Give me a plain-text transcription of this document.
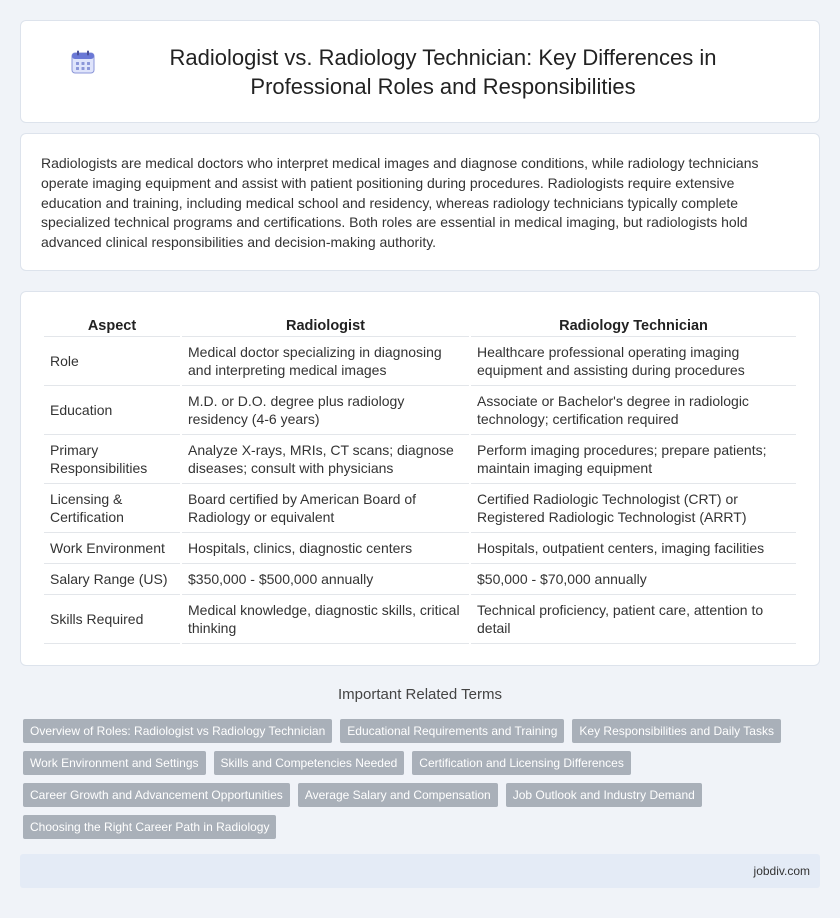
Radiologist vs. Radiology Technician: Key Differences in Professional Roles and Responsibilities

Radiologists are medical doctors who interpret medical images and diagnose conditions, while radiology technicians operate imaging equipment and assist with patient positioning during procedures. Radiologists require extensive education and training, including medical school and residency, whereas radiology technicians typically complete specialized technical programs and certifications. Both roles are essential in medical imaging, but radiologists hold advanced clinical responsibilities and decision-making authority.

Aspect	Radiologist	Radiology Technician
Role	Medical doctor specializing in diagnosing and interpreting medical images	Healthcare professional operating imaging equipment and assisting during procedures
Education	M.D. or D.O. degree plus radiology residency (4-6 years)	Associate or Bachelor's degree in radiologic technology; certification required
Primary Responsibilities	Analyze X-rays, MRIs, CT scans; diagnose diseases; consult with physicians	Perform imaging procedures; prepare patients; maintain imaging equipment
Licensing & Certification	Board certified by American Board of Radiology or equivalent	Certified Radiologic Technologist (CRT) or Registered Radiologic Technologist (ARRT)
Work Environment	Hospitals, clinics, diagnostic centers	Hospitals, outpatient centers, imaging facilities
Salary Range (US)	$350,000 - $500,000 annually	$50,000 - $70,000 annually
Skills Required	Medical knowledge, diagnostic skills, critical thinking	Technical proficiency, patient care, attention to detail
Important Related Terms
Overview of Roles: Radiologist vs Radiology Technician	Educational Requirements and Training	Key Responsibilities and Daily Tasks
Work Environment and Settings	Skills and Competencies Needed	Certification and Licensing Differences
Career Growth and Advancement Opportunities	Average Salary and Compensation	Job Outlook and Industry Demand
Choosing the Right Career Path in Radiology
jobdiv.com
